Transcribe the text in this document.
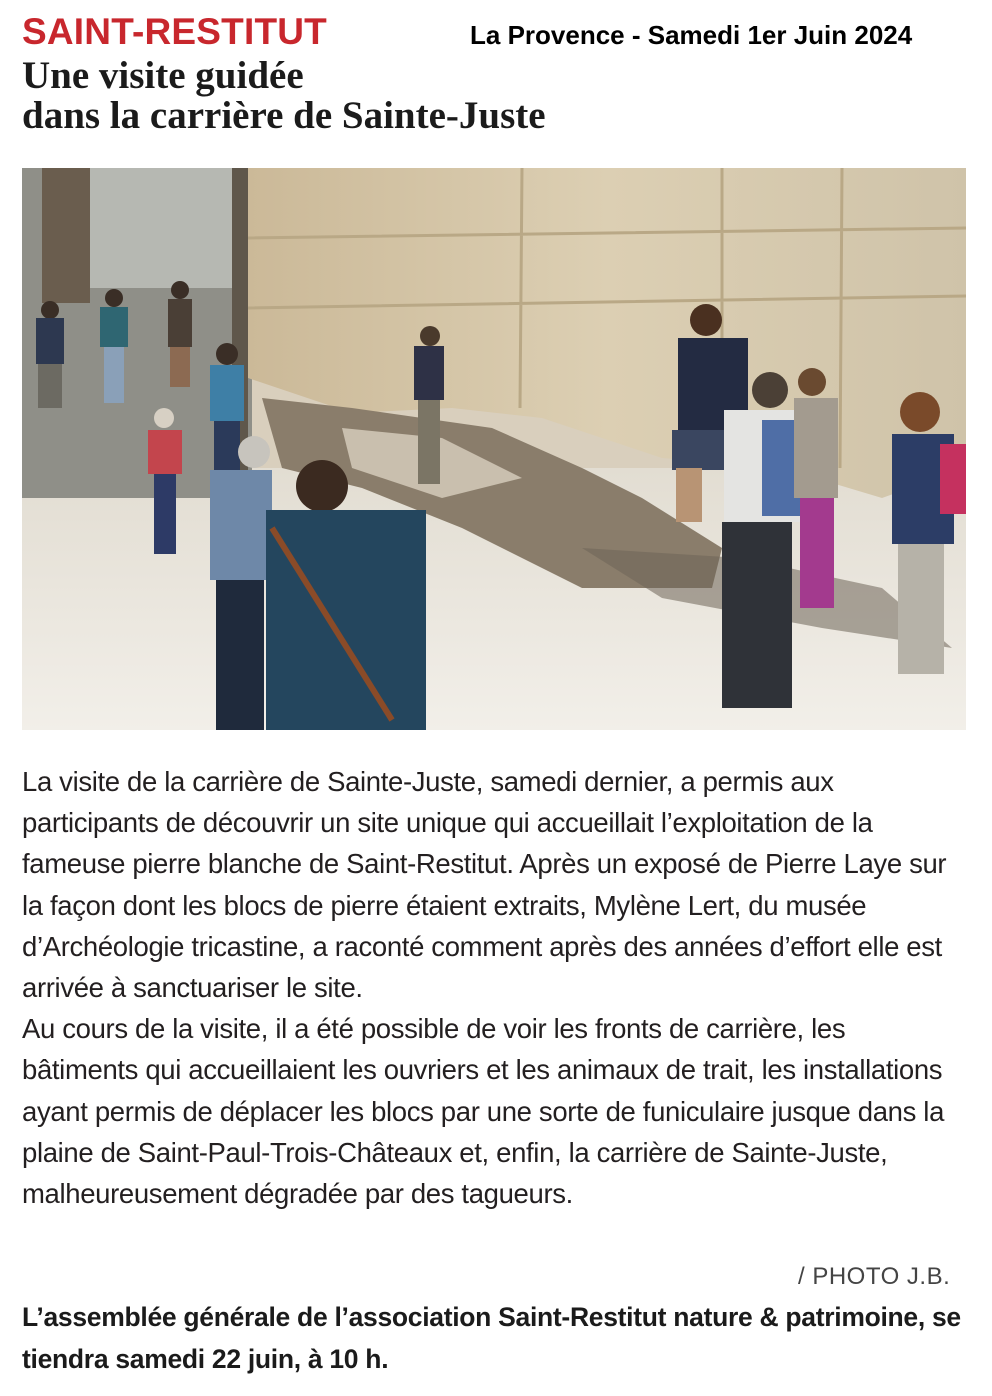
SAINT-RESTITUT	La Provence - Samedi 1er Juin 2024
Une visite guidée
dans la carrière de Sainte-Juste

La visite de la carrière de Sainte-Juste, samedi dernier, a permis aux participants de découvrir un site unique qui accueillait l’exploitation de la fameuse pierre blanche de Saint-Restitut. Après un exposé de Pierre Laye sur la façon dont les blocs de pierre étaient extraits, Mylène Lert, du musée d’Archéologie tricastine, a raconté comment après des années d’effort elle est arrivée à sanctuariser le site.

Au cours de la visite, il a été possible de voir les fronts de carrière, les bâtiments qui accueillaient les ouvriers et les animaux de trait, les installations ayant permis de déplacer les blocs par une sorte de funiculaire jusque dans la plaine de Saint-Paul-Trois-Châteaux et, enfin, la carrière de Sainte-Juste, malheureusement dégradée par des tagueurs.

/ PHOTO J.B.

L’assemblée générale de l’association Saint-Restitut nature & patrimoine, se tiendra samedi 22 juin, à 10 h.
